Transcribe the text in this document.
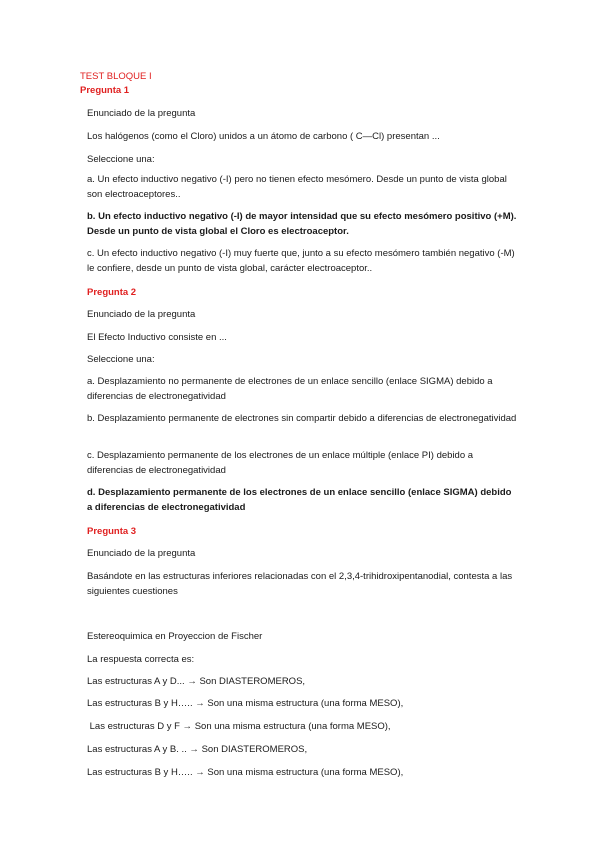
TEST BLOQUE I
Pregunta 1
Enunciado de la pregunta
Los halógenos (como el Cloro) unidos a un átomo de carbono ( C—Cl) presentan ...
Seleccione una:
a. Un efecto inductivo negativo (-I) pero no tienen efecto mesómero. Desde un punto de vista global son electroaceptores..
b. Un efecto inductivo negativo (-I) de mayor intensidad que su efecto mesómero positivo (+M). Desde un punto de vista global el Cloro es electroaceptor.
c. Un efecto inductivo negativo (-I) muy fuerte que, junto a su efecto mesómero también negativo (-M) le confiere, desde un punto de vista global, carácter electroaceptor..
Pregunta 2
Enunciado de la pregunta
El Efecto Inductivo consiste en ...
Seleccione una:
a. Desplazamiento no permanente de electrones de un enlace sencillo (enlace SIGMA) debido a diferencias de electronegatividad
b. Desplazamiento permanente de electrones sin compartir debido a diferencias de electronegatividad
c. Desplazamiento permanente de los electrones de un enlace múltiple (enlace PI) debido a diferencias de electronegatividad
d. Desplazamiento permanente de los electrones de un enlace sencillo (enlace SIGMA) debido a diferencias de electronegatividad
Pregunta 3
Enunciado de la pregunta
Basándote en las estructuras inferiores relacionadas con el 2,3,4-trihidroxipentanodial, contesta a las siguientes cuestiones
Estereoquimica en Proyeccion de Fischer
La respuesta correcta es:
Las estructuras A y D... → Son DIASTEROMEROS,
Las estructuras B y H….. → Son una misma estructura (una forma MESO),
Las estructuras D y F → Son una misma estructura (una forma MESO),
Las estructuras A y B. .. → Son DIASTEROMEROS,
Las estructuras B y H….. → Son una misma estructura (una forma MESO),
